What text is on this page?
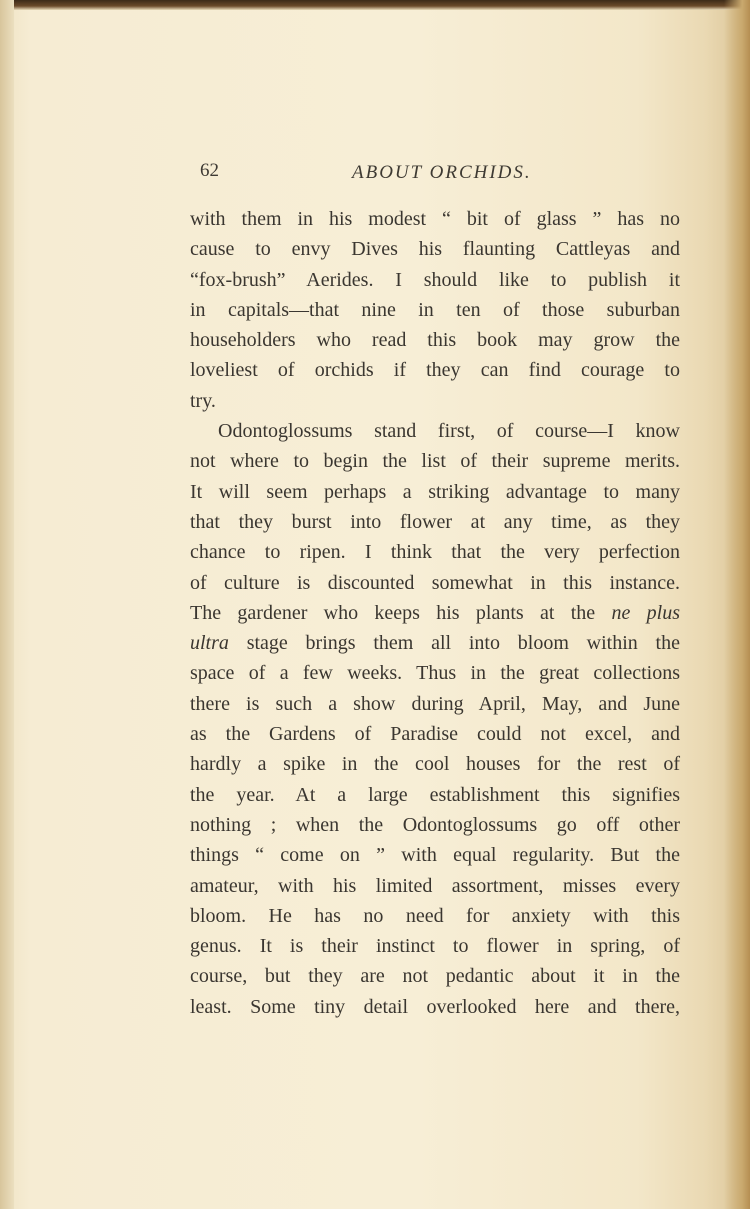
62	ABOUT ORCHIDS.
with them in his modest “ bit of glass ” has no
cause to envy Dives his flaunting Cattleyas and
“fox-brush” Aerides. I should like to publish it
in capitals—that nine in ten of those suburban
householders who read this book may grow the
loveliest of orchids if they can find courage to
try.
Odontoglossums stand first, of course—I know
not where to begin the list of their supreme merits.
It will seem perhaps a striking advantage to many
that they burst into flower at any time, as they
chance to ripen. I think that the very perfection
of culture is discounted somewhat in this instance.
The gardener who keeps his plants at the ne plus
ultra stage brings them all into bloom within the
space of a few weeks. Thus in the great collections
there is such a show during April, May, and June
as the Gardens of Paradise could not excel, and
hardly a spike in the cool houses for the rest of
the year. At a large establishment this signifies
nothing ; when the Odontoglossums go off other
things “ come on ” with equal regularity. But the
amateur, with his limited assortment, misses every
bloom. He has no need for anxiety with this
genus. It is their instinct to flower in spring, of
course, but they are not pedantic about it in the
least. Some tiny detail overlooked here and there,
